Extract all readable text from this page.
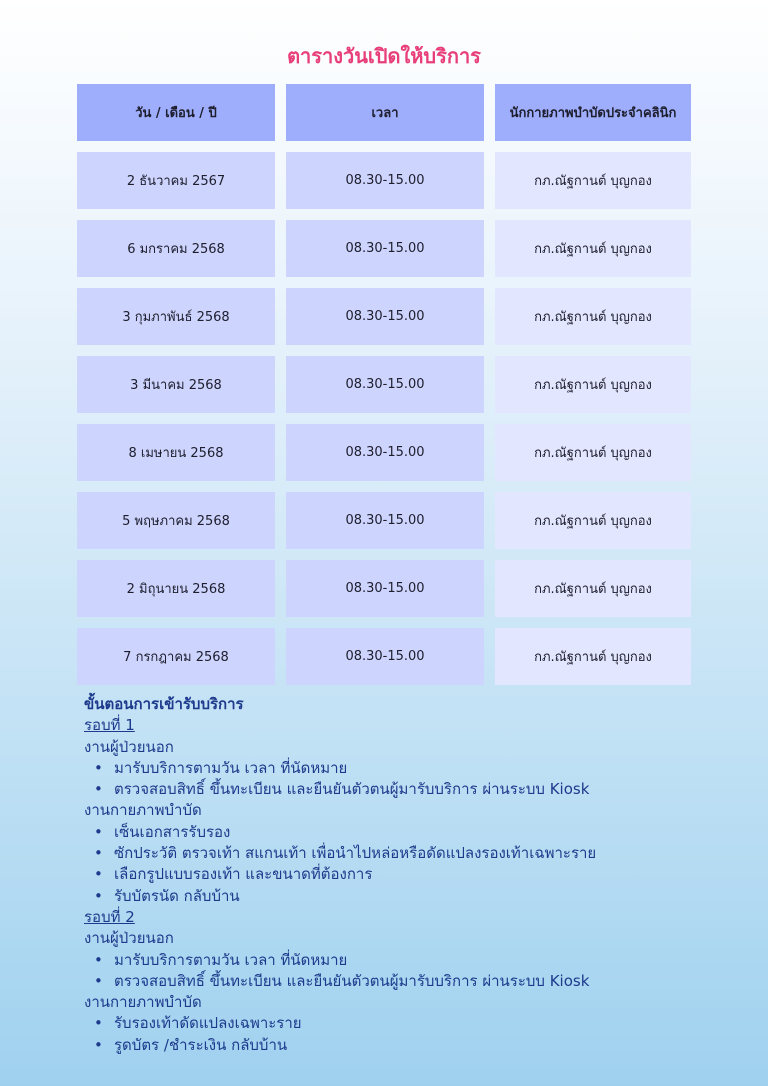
ตารางวันเปิดให้บริการ
วัน / เดือน / ปี	เวลา	นักกายภาพบำบัดประจำคลินิก
2 ธันวาคม 2567	08.30-15.00	กภ.ณัฐกานต์ บุญกอง
6 มกราคม 2568	08.30-15.00	กภ.ณัฐกานต์ บุญกอง
3 กุมภาพันธ์ 2568	08.30-15.00	กภ.ณัฐกานต์ บุญกอง
3 มีนาคม 2568	08.30-15.00	กภ.ณัฐกานต์ บุญกอง
8 เมษายน 2568	08.30-15.00	กภ.ณัฐกานต์ บุญกอง
5 พฤษภาคม 2568	08.30-15.00	กภ.ณัฐกานต์ บุญกอง
2 มิถุนายน 2568	08.30-15.00	กภ.ณัฐกานต์ บุญกอง
7 กรกฎาคม 2568	08.30-15.00	กภ.ณัฐกานต์ บุญกอง
ขั้นตอนการเข้ารับบริการ
รอบที่ 1
งานผู้ป่วยนอก
• มารับบริการตามวัน เวลา ที่นัดหมาย
• ตรวจสอบสิทธิ์ ขึ้นทะเบียน และยืนยันตัวตนผู้มารับบริการ ผ่านระบบ Kiosk
งานกายภาพบำบัด
• เซ็นเอกสารรับรอง
• ซักประวัติ ตรวจเท้า สแกนเท้า เพื่อนำไปหล่อหรือดัดแปลงรองเท้าเฉพาะราย
• เลือกรูปแบบรองเท้า และขนาดที่ต้องการ
• รับบัตรนัด กลับบ้าน
รอบที่ 2
งานผู้ป่วยนอก
• มารับบริการตามวัน เวลา ที่นัดหมาย
• ตรวจสอบสิทธิ์ ขึ้นทะเบียน และยืนยันตัวตนผู้มารับบริการ ผ่านระบบ Kiosk
งานกายภาพบำบัด
• รับรองเท้าดัดแปลงเฉพาะราย
• รูดบัตร /ชำระเงิน กลับบ้าน
